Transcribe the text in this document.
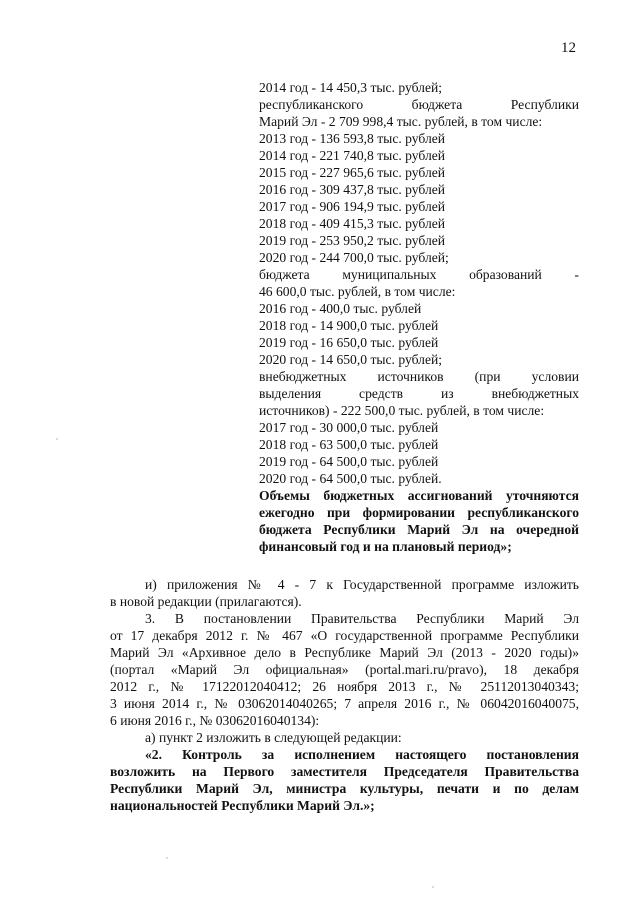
12
2014 год - 14 450,3 тыс. рублей;
республиканского бюджета Республики
Марий Эл - 2 709 998,4 тыс. рублей, в том числе:
2013 год - 136 593,8 тыс. рублей
2014 год - 221 740,8 тыс. рублей
2015 год - 227 965,6 тыс. рублей
2016 год - 309 437,8 тыс. рублей
2017 год - 906 194,9 тыс. рублей
2018 год - 409 415,3 тыс. рублей
2019 год - 253 950,2 тыс. рублей
2020 год - 244 700,0 тыс. рублей;
бюджета муниципальных образований -
46 600,0 тыс. рублей, в том числе:
2016 год - 400,0 тыс. рублей
2018 год - 14 900,0 тыс. рублей
2019 год - 16 650,0 тыс. рублей
2020 год - 14 650,0 тыс. рублей;
внебюджетных источников (при условии
выделения средств из внебюджетных
источников) - 222 500,0 тыс. рублей, в том числе:
2017 год - 30 000,0 тыс. рублей
2018 год - 63 500,0 тыс. рублей
2019 год - 64 500,0 тыс. рублей
2020 год - 64 500,0 тыс. рублей.
Объемы бюджетных ассигнований уточняются
ежегодно при формировании республиканского
бюджета Республики Марий Эл на очередной
финансовый год и на плановый период»;
и) приложения № 4 - 7 к Государственной программе изложить
в новой редакции (прилагаются).
3. В постановлении Правительства Республики Марий Эл
от 17 декабря 2012 г. № 467 «О государственной программе Республики
Марий Эл «Архивное дело в Республике Марий Эл (2013 - 2020 годы)»
(портал «Марий Эл официальная» (portal.mari.ru/pravo), 18 декабря
2012 г., № 17122012040412; 26 ноября 2013 г., № 25112013040343;
3 июня 2014 г., № 03062014040265; 7 апреля 2016 г., № 06042016040075,
6 июня 2016 г., № 03062016040134):
а) пункт 2 изложить в следующей редакции:
«2. Контроль за исполнением настоящего постановления
возложить на Первого заместителя Председателя Правительства
Республики Марий Эл, министра культуры, печати и по делам
национальностей Республики Марий Эл.»;
